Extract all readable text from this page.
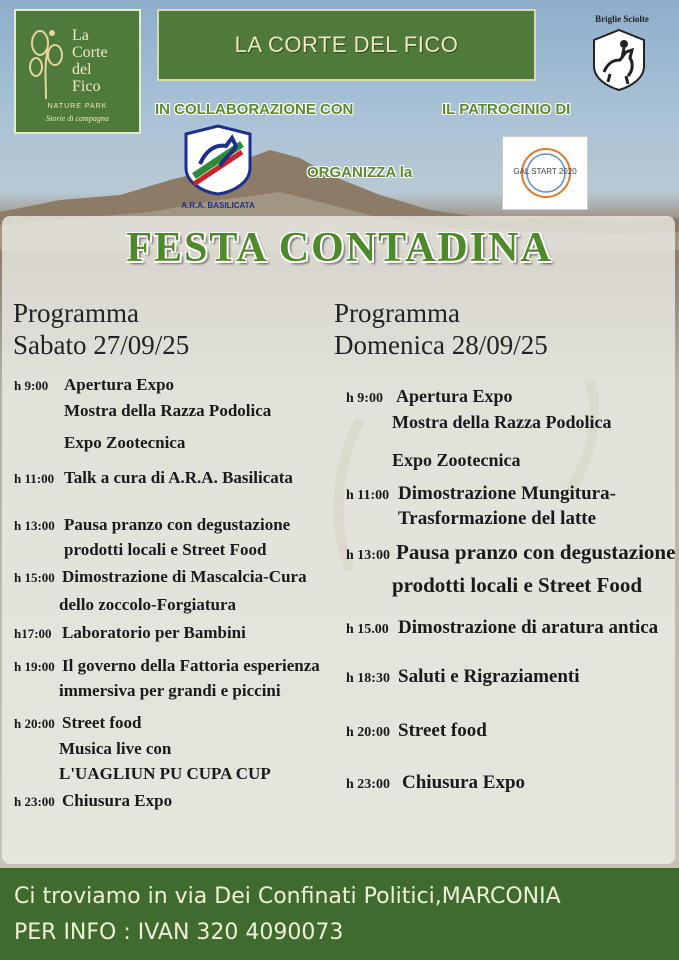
La
Corte
del
Fico
NATURE PARK
Storie di campagna
LA CORTE DEL FICO
Briglie Sciolte
IN COLLABORAZIONE CON	IL PATROCINIO DI
A.R.A. BASILICATA
ORGANIZZA la	GAL START 2020
FESTA CONTADINA
Programma
Sabato 27/09/25
Programma
Domenica 28/09/25
h 9:00 Apertura Expo
Mostra della Razza Podolica
Expo Zootecnica
h 11:00 Talk a cura di A.R.A. Basilicata
h 13:00 Pausa pranzo con degustazione
prodotti locali e Street Food
h 15:00 Dimostrazione di Mascalcia-Cura
dello zoccolo-Forgiatura
h17:00 Laboratorio per Bambini
h 19:00 Il governo della Fattoria esperienza
immersiva per grandi e piccini
h 20:00 Street food
Musica live con
L'UAGLIUN PU CUPA CUP
h 23:00 Chiusura Expo
h 9:00 Apertura Expo
Mostra della Razza Podolica
Expo Zootecnica
h 11:00 Dimostrazione Mungitura-
Trasformazione del latte
h 13:00 Pausa pranzo con degustazione
prodotti locali e Street Food
h 15.00 Dimostrazione di aratura antica
h 18:30 Saluti e Rigraziamenti
h 20:00 Street food
h 23:00 Chiusura Expo
Ci troviamo in via Dei Confinati Politici,MARCONIA
PER INFO : IVAN 320 4090073
